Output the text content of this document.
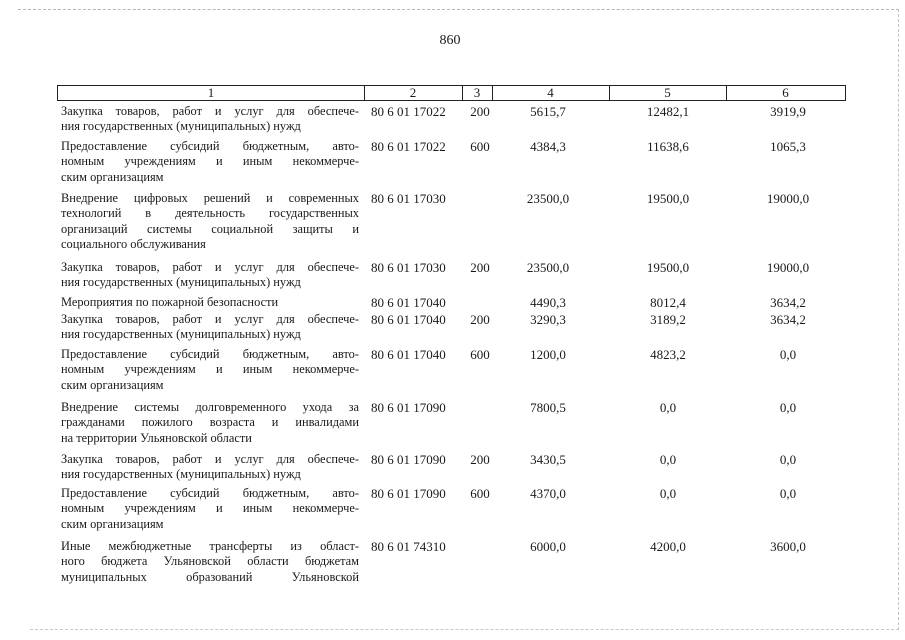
860
1	2	3	4	5	6
Закупка товаров, работ и услуг для обеспече-
ния государственных (муниципальных) нужд
80 6 01 17022 200	5615,7	12482,1	3919,9
Предоставление субсидий бюджетным, авто-
номным учреждениям и иным некоммерче-
ским организациям
80 6 01 17022 600	4384,3	11638,6	1065,3
Внедрение цифровых решений и современных
технологий в деятельность государственных
организаций системы социальной защиты и
социального обслуживания
80 6 01 17030	23500,0	19500,0	19000,0
Закупка товаров, работ и услуг для обеспече-
ния государственных (муниципальных) нужд
80 6 01 17030 200	23500,0	19500,0	19000,0
Мероприятия по пожарной безопасности	80 6 01 17040	4490,3	8012,4	3634,2
Закупка товаров, работ и услуг для обеспече-
ния государственных (муниципальных) нужд
80 6 01 17040 200	3290,3	3189,2	3634,2
Предоставление субсидий бюджетным, авто-
номным учреждениям и иным некоммерче-
ским организациям
80 6 01 17040 600	1200,0	4823,2	0,0
Внедрение системы долговременного ухода за
гражданами пожилого возраста и инвалидами
на территории Ульяновской области
80 6 01 17090	7800,5	0,0	0,0
Закупка товаров, работ и услуг для обеспече-
ния государственных (муниципальных) нужд
80 6 01 17090 200	3430,5	0,0	0,0
Предоставление субсидий бюджетным, авто-
номным учреждениям и иным некоммерче-
ским организациям
80 6 01 17090 600	4370,0	0,0	0,0
Иные межбюджетные трансферты из област-
ного бюджета Ульяновской области бюджетам
муниципальных образований Ульяновской
80 6 01 74310	6000,0	4200,0	3600,0
